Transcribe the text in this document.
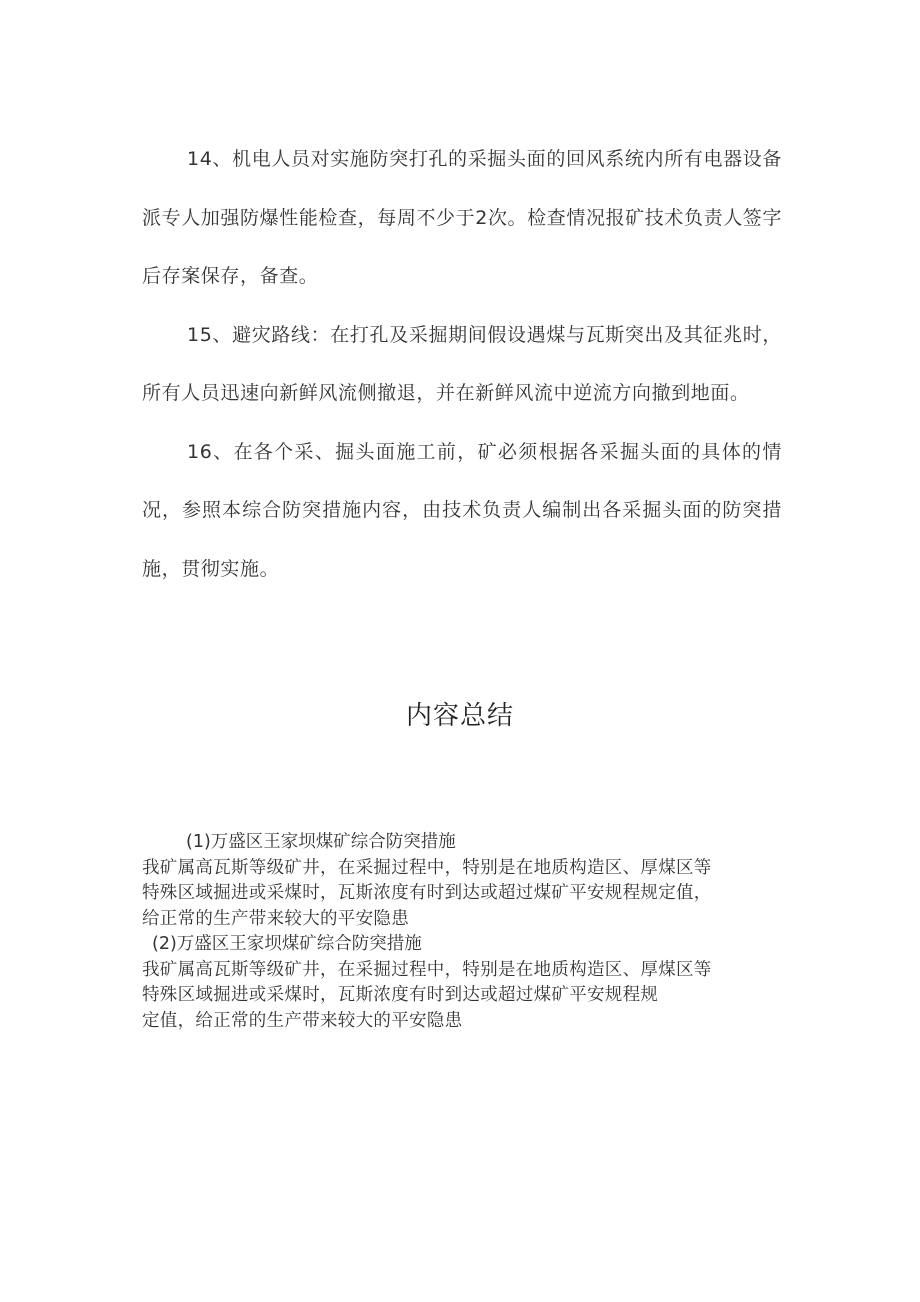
14、机电人员对实施防突打孔的采掘头面的回风系统内所有电器设备派专人加强防爆性能检查，每周不少于2次。检查情况报矿技术负责人签字后存案保存，备查。

15、避灾路线：在打孔及采掘期间假设遇煤与瓦斯突出及其征兆时，所有人员迅速向新鲜风流侧撤退，并在新鲜风流中逆流方向撤到地面。

16、在各个采、掘头面施工前，矿必须根据各采掘头面的具体的情况，参照本综合防突措施内容，由技术负责人编制出各采掘头面的防突措施，贯彻实施。

内容总结
(1)万盛区王家坝煤矿综合防突措施
我矿属高瓦斯等级矿井，在采掘过程中，特别是在地质构造区、厚煤区等
特殊区域掘进或采煤时，瓦斯浓度有时到达或超过煤矿平安规程规定值，
给正常的生产带来较大的平安隐患
(2)万盛区王家坝煤矿综合防突措施
我矿属高瓦斯等级矿井，在采掘过程中，特别是在地质构造区、厚煤区等
特殊区域掘进或采煤时，瓦斯浓度有时到达或超过煤矿平安规程规
定值，给正常的生产带来较大的平安隐患
